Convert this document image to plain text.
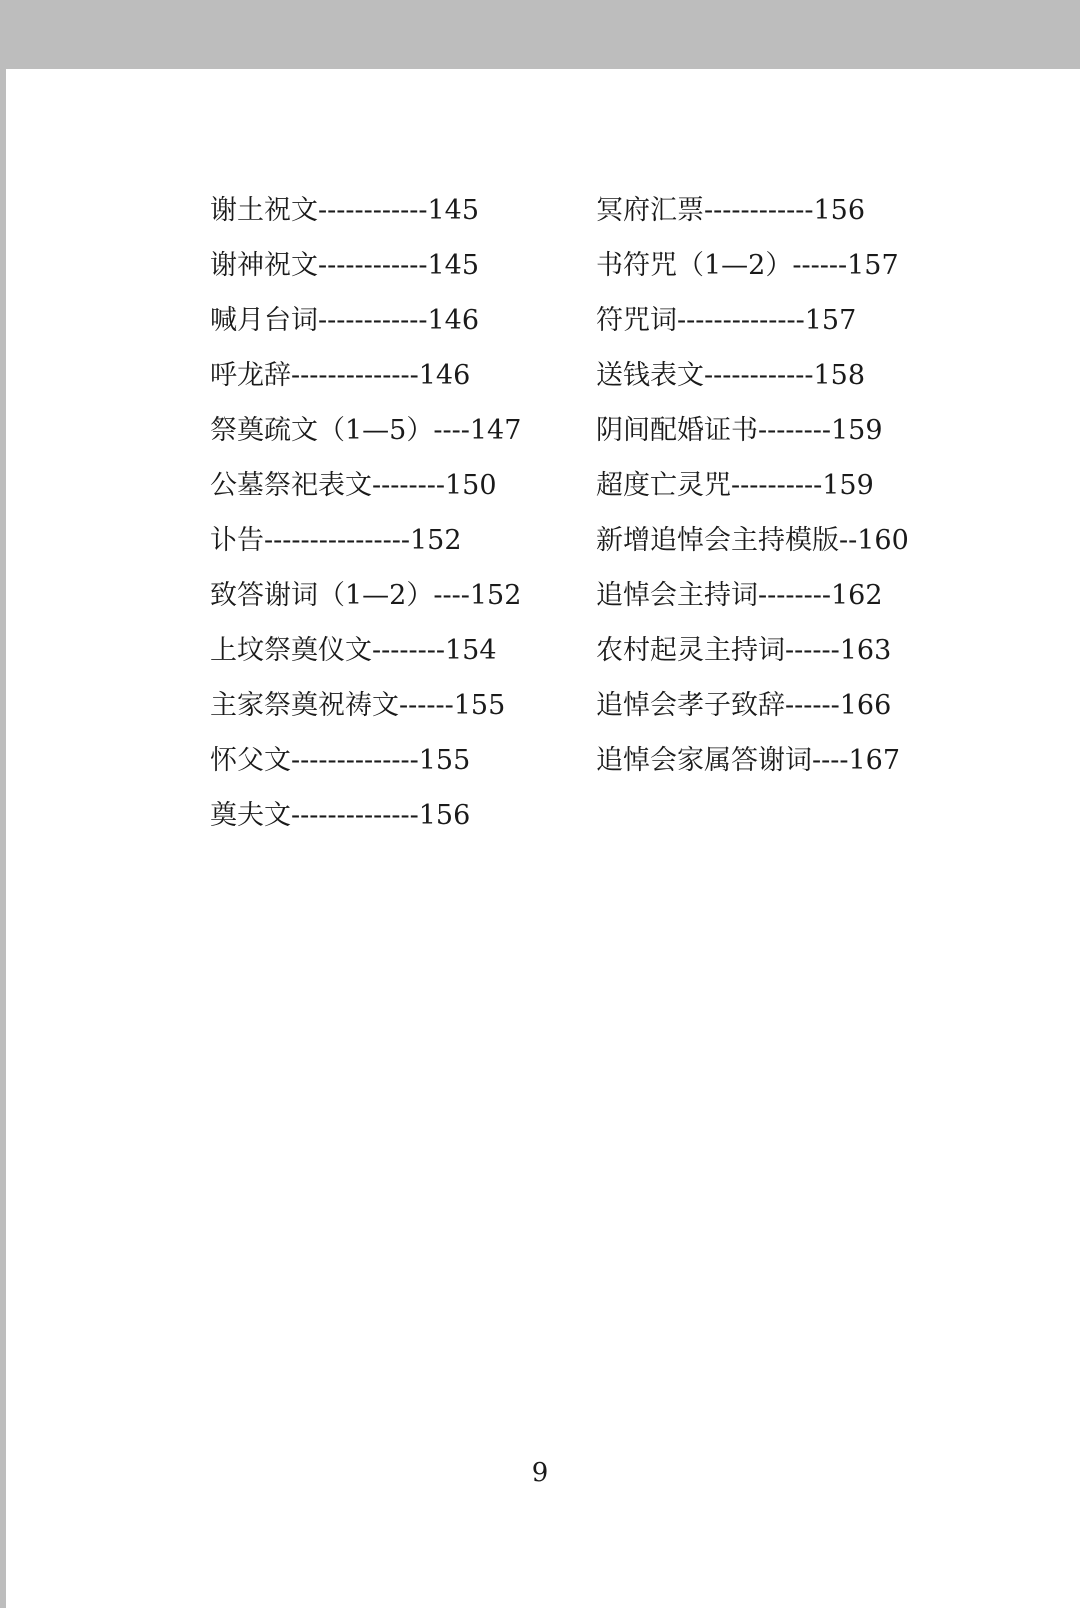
谢土祝文------------145
谢神祝文------------145
喊月台词------------146
呼龙辞--------------146
祭奠疏文（1—5）----147
公墓祭祀表文--------150
讣告----------------152
致答谢词（1—2）----152
上坟祭奠仪文--------154
主家祭奠祝祷文------155
怀父文--------------155
奠夫文--------------156
冥府汇票------------156
书符咒（1—2）------157
符咒词--------------157
送钱表文------------158
阴间配婚证书--------159
超度亡灵咒----------159
新增追悼会主持模版--160
追悼会主持词--------162
农村起灵主持词------163
追悼会孝子致辞------166
追悼会家属答谢词----167
9
